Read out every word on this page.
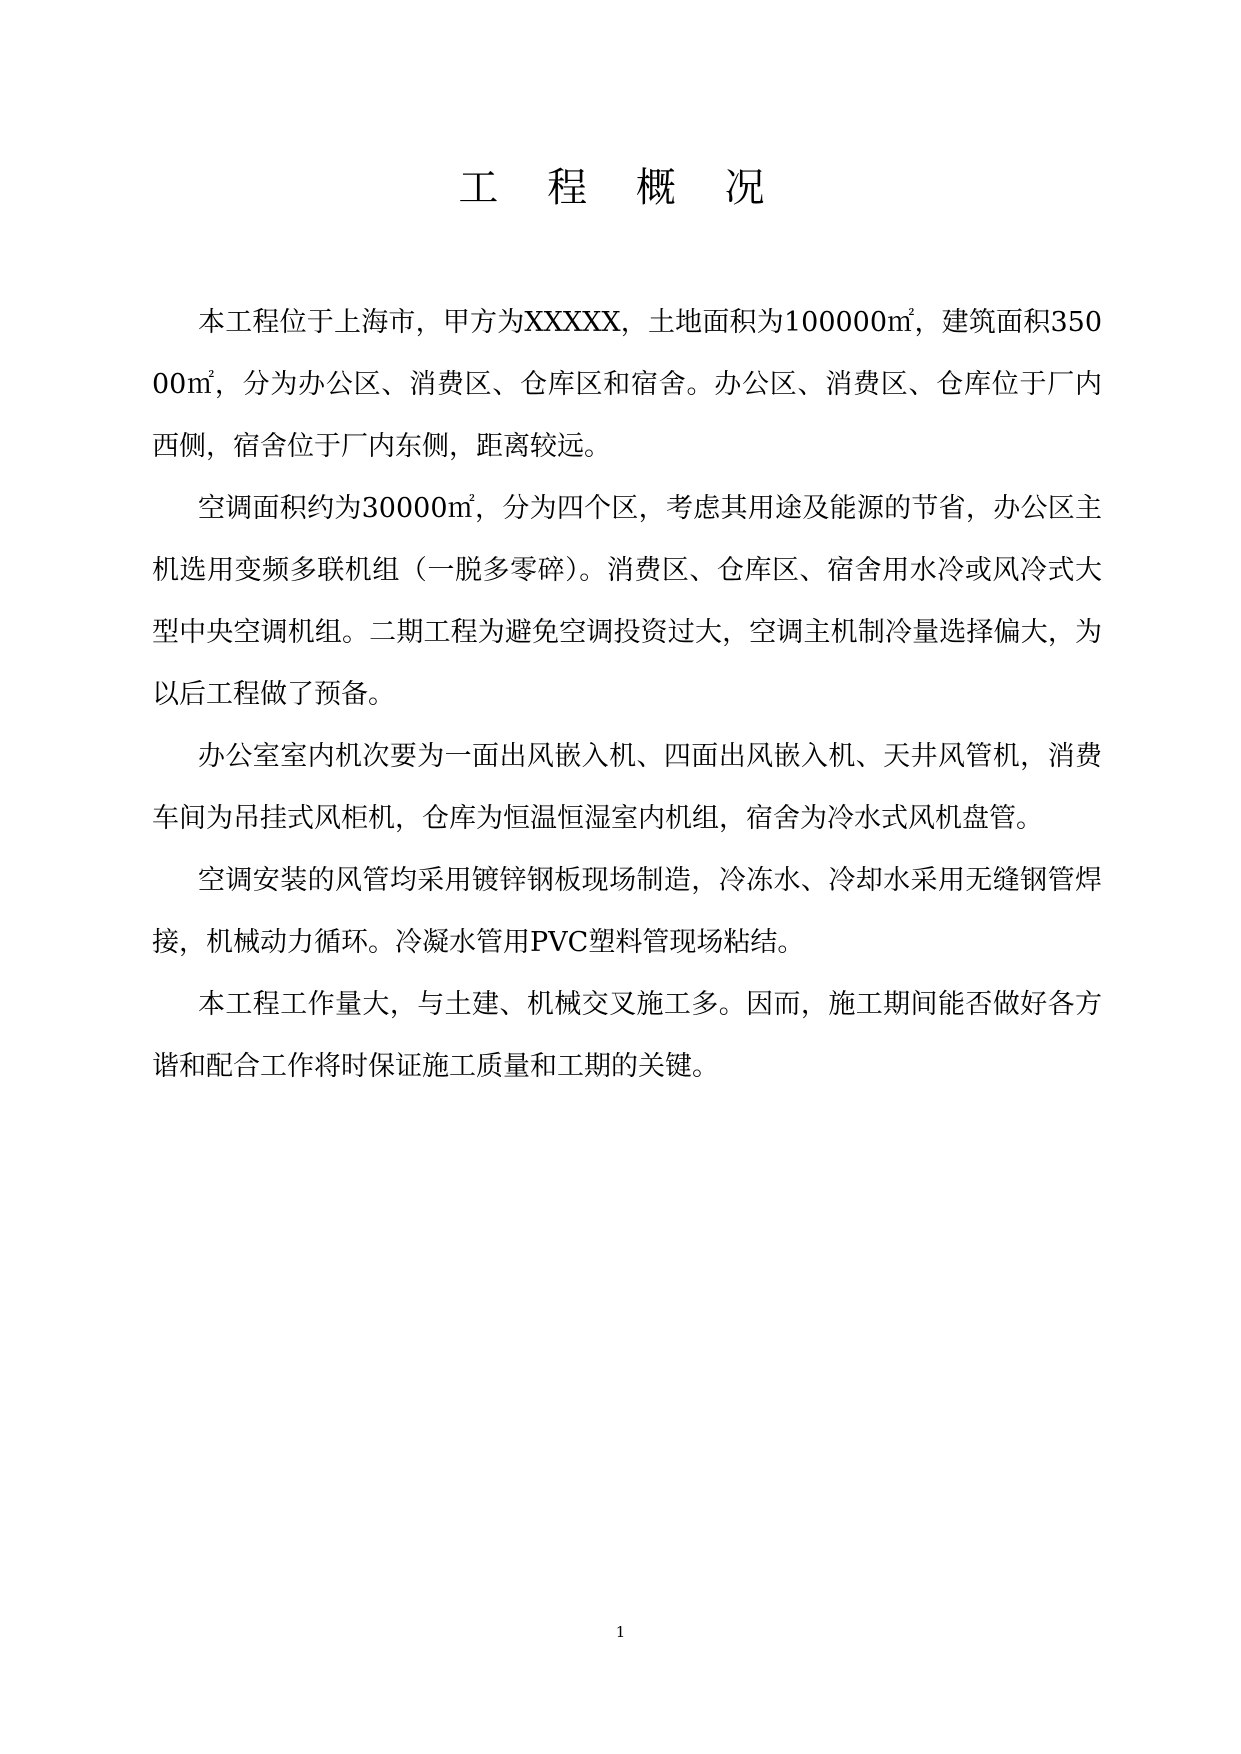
工 程 概 况

本工程位于上海市，甲方为XXXXX，土地面积为100000㎡，建筑面积35000㎡，分为办公区、消费区、仓库区和宿舍。办公区、消费区、仓库位于厂内西侧，宿舍位于厂内东侧，距离较远。

空调面积约为30000㎡，分为四个区，考虑其用途及能源的节省，办公区主机选用变频多联机组（一脱多零碎）。消费区、仓库区、宿舍用水冷或风冷式大型中央空调机组。二期工程为避免空调投资过大，空调主机制冷量选择偏大，为以后工程做了预备。

办公室室内机次要为一面出风嵌入机、四面出风嵌入机、天井风管机，消费车间为吊挂式风柜机，仓库为恒温恒湿室内机组，宿舍为冷水式风机盘管。

空调安装的风管均采用镀锌钢板现场制造，冷冻水、冷却水采用无缝钢管焊接，机械动力循环。冷凝水管用PVC塑料管现场粘结。

本工程工作量大，与土建、机械交叉施工多。因而，施工期间能否做好各方谐和配合工作将时保证施工质量和工期的关键。

1
